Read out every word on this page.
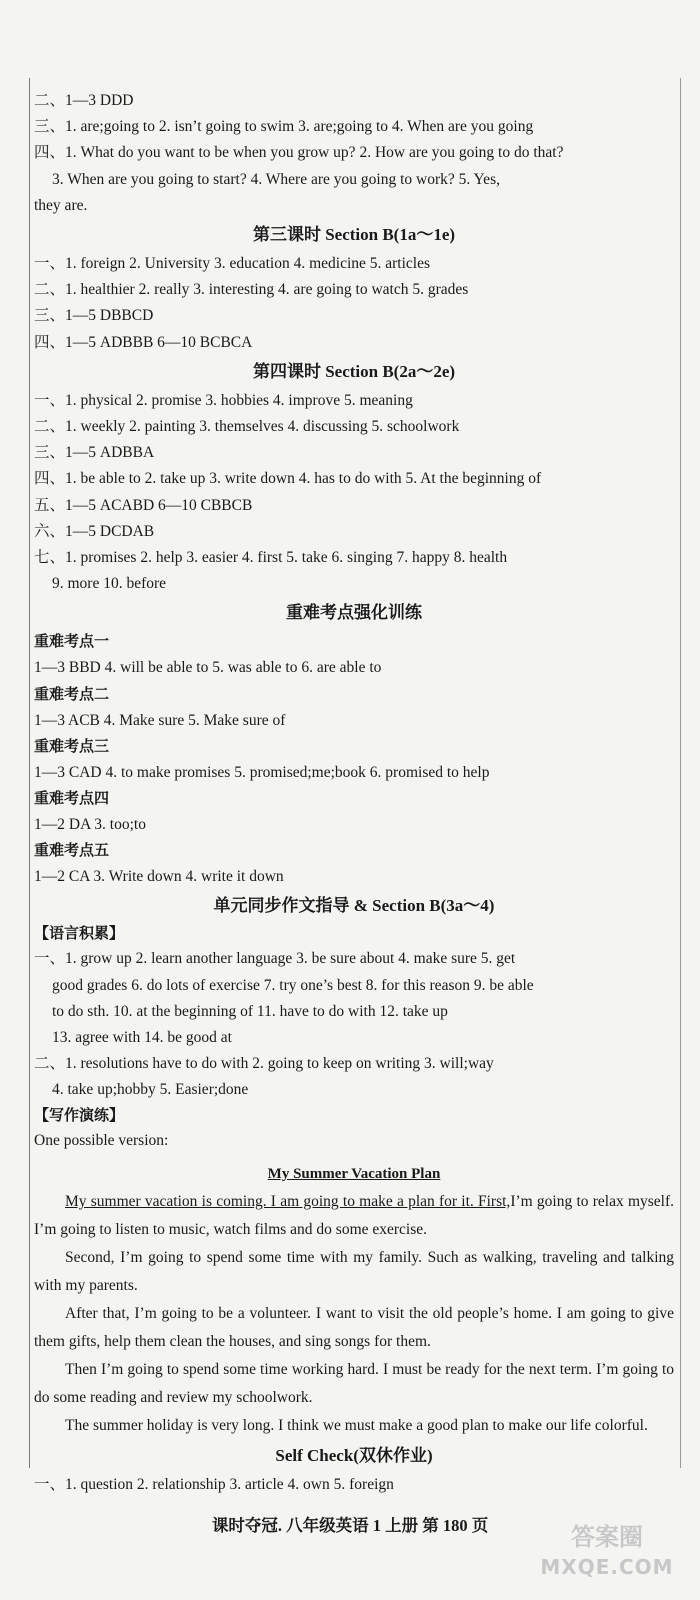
二、1—3 DDD
三、1. are;going to 2. isn’t going to swim 3. are;going to 4. When are you going
四、1. What do you want to be when you grow up? 2. How are you going to do that?
3. When are you going to start? 4. Where are you going to work? 5. Yes,
they are.
第三课时 Section B(1a～1e)
一、1. foreign 2. University 3. education 4. medicine 5. articles
二、1. healthier 2. really 3. interesting 4. are going to watch 5. grades
三、1—5 DBBCD
四、1—5 ADBBB 6—10 BCBCA
第四课时 Section B(2a～2e)
一、1. physical 2. promise 3. hobbies 4. improve 5. meaning
二、1. weekly 2. painting 3. themselves 4. discussing 5. schoolwork
三、1—5 ADBBA
四、1. be able to 2. take up 3. write down 4. has to do with 5. At the beginning of
五、1—5 ACABD 6—10 CBBCB
六、1—5 DCDAB
七、1. promises 2. help 3. easier 4. first 5. take 6. singing 7. happy 8. health
9. more 10. before
重难考点强化训练
重难考点一
1—3 BBD 4. will be able to 5. was able to 6. are able to
重难考点二
1—3 ACB 4. Make sure 5. Make sure of
重难考点三
1—3 CAD 4. to make promises 5. promised;me;book 6. promised to help
重难考点四
1—2 DA 3. too;to
重难考点五
1—2 CA 3. Write down 4. write it down
单元同步作文指导 & Section B(3a～4)
【语言积累】
一、1. grow up 2. learn another language 3. be sure about 4. make sure 5. get
good grades 6. do lots of exercise 7. try one’s best 8. for this reason 9. be able
to do sth. 10. at the beginning of 11. have to do with 12. take up
13. agree with 14. be good at
二、1. resolutions have to do with 2. going to keep on writing 3. will;way
4. take up;hobby 5. Easier;done
【写作演练】
One possible version:
My Summer Vacation Plan
My summer vacation is coming. I am going to make a plan for it. First,I’m going to relax myself. I’m going to listen to music, watch films and do some exercise.
Second, I’m going to spend some time with my family. Such as walking, traveling and talking with my parents.
After that, I’m going to be a volunteer. I want to visit the old people’s home. I am going to give them gifts, help them clean the houses, and sing songs for them.
Then I’m going to spend some time working hard. I must be ready for the next term. I’m going to do some reading and review my schoolwork.
The summer holiday is very long. I think we must make a good plan to make our life colorful.
Self Check(双休作业)
一、1. question 2. relationship 3. article 4. own 5. foreign
课时夺冠. 八年级英语 1 上册 第 180 页	答案圈
MXQE.COM
